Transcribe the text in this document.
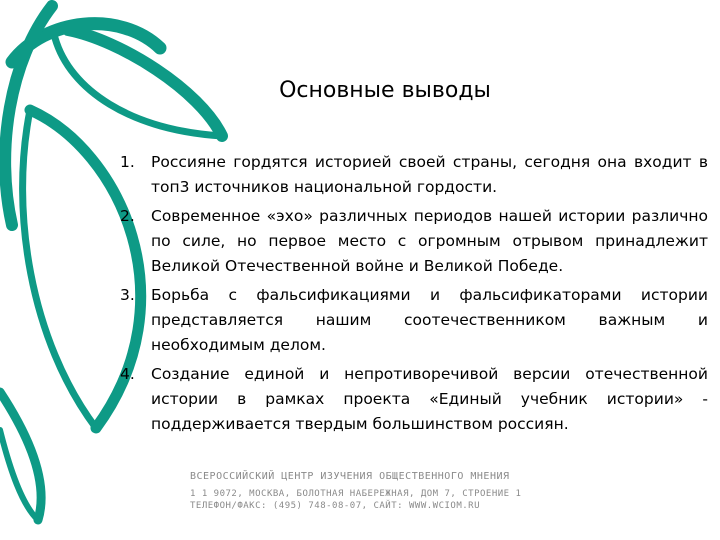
Основные выводы
1. Россияне гордятся историей своей страны, сегодня она входит в топ3 источников национальной гордости.
2. Современное «эхо» различных периодов нашей истории различно по силе, но первое место с огромным отрывом принадлежит Великой Отечественной войне и Великой Победе.
3. Борьба с фальсификациями и фальсификаторами истории представляется нашим соотечественником важным и необходимым делом.
4. Создание единой и непротиворечивой версии отечественной истории в рамках проекта «Единый учебник истории» - поддерживается твердым большинством россиян.
ВСЕРОССИЙСКИЙ ЦЕНТР ИЗУЧЕНИЯ ОБЩЕСТВЕННОГО МНЕНИЯ
1 1 9072, МОСКВА, БОЛОТНАЯ НАБЕРЕЖНАЯ, ДОМ 7, СТРОЕНИЕ 1
ТЕЛЕФОН/ФАКС: (495) 748-08-07, САЙТ: WWW.WCIOM.RU
